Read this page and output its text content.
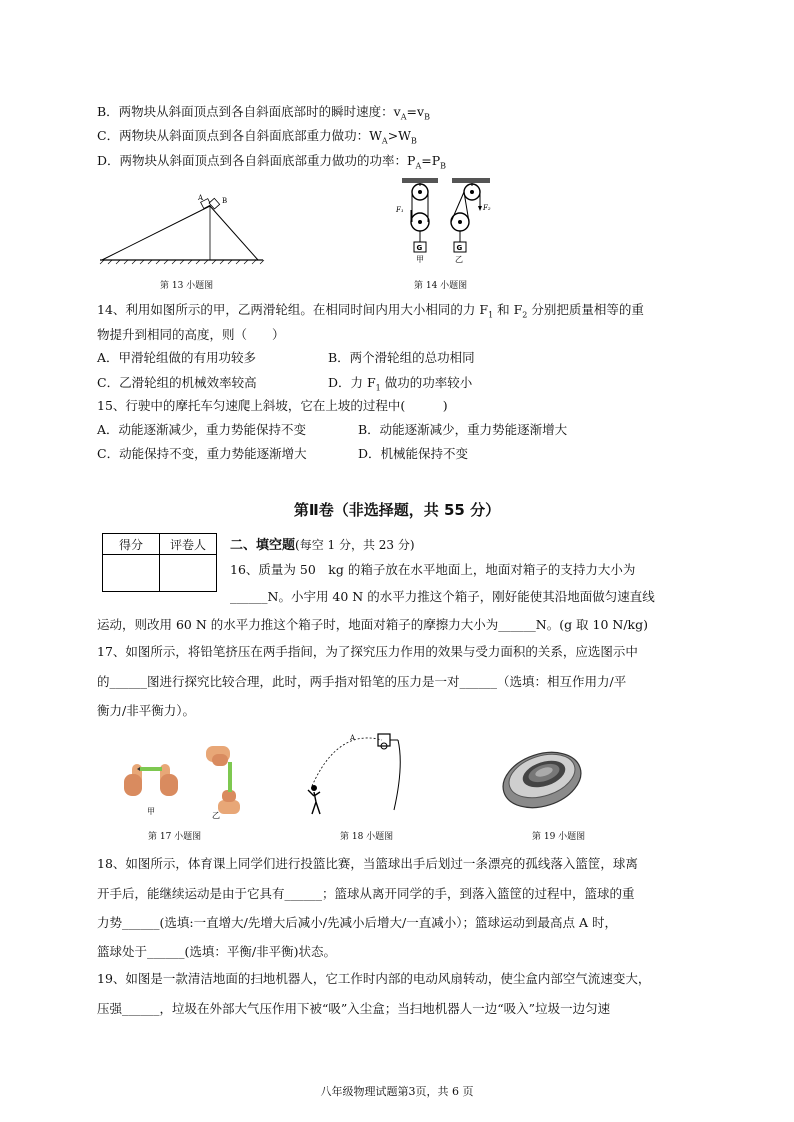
B．两物块从斜面顶点到各自斜面底部时的瞬时速度：$v_A=v_B$
C．两物块从斜面顶点到各自斜面底部重力做功：$W_A>W_B$
D．两物块从斜面顶点到各自斜面底部重力做功的功率：$P_A=P_B$
A	B
第 13 小题图
G
F₁
甲
F₂
G
乙
第 14 小题图
14、利用如图所示的甲，乙两滑轮组。在相同时间内用大小相同的力 $F_1$ 和 $F_2$ 分别把质量相等的重
物提升到相同的高度，则（　　）
A．甲滑轮组做的有用功较多	B．两个滑轮组的总功相同
C．乙滑轮组的机械效率较高	D．力 $F_1$ 做功的功率较小
15、行驶中的摩托车匀速爬上斜坡，它在上坡的过程中(　　　)
A．动能逐渐减少，重力势能保持不变	B．动能逐渐减少，重力势能逐渐增大
C．动能保持不变，重力势能逐渐增大	D．机械能保持不变
第Ⅱ卷（非选择题，共 55 分）
得分	评卷人
	二、填空题(每空 1 分，共 23 分)
16、质量为 50　kg 的箱子放在水平地面上，地面对箱子的支持力大小为
______N。小宇用 40 N 的水平力推这个箱子，刚好能使其沿地面做匀速直线
运动，则改用 60 N 的水平力推这个箱子时，地面对箱子的摩擦力大小为______N。(g 取 10 N/kg)
17、如图所示，将铅笔挤压在两手指间，为了探究压力作用的效果与受力面积的关系，应选图示中
的______图进行探究比较合理，此时，两手指对铅笔的压力是一对______（选填：相互作用力/平
衡力/非平衡力）。
甲	乙
第 17 小题图
A
第 18 小题图	第 19 小题图
18、如图所示，体育课上同学们进行投篮比赛，当篮球出手后划过一条漂亮的孤线落入篮筐，球离
开手后，能继续运动是由于它具有______；篮球从离开同学的手，到落入篮筐的过程中，篮球的重
力势______(选填:一直增大/先增大后减小/先减小后增大/一直减小）；篮球运动到最高点 A 时，
篮球处于______(选填：平衡/非平衡)状态。
19、如图是一款清洁地面的扫地机器人，它工作时内部的电动风扇转动，使尘盒内部空气流速变大，
压强______，垃圾在外部大气压作用下被“吸”入尘盒；当扫地机器人一边“吸入”垃圾一边匀速
八年级物理试题第3页，共 6 页
